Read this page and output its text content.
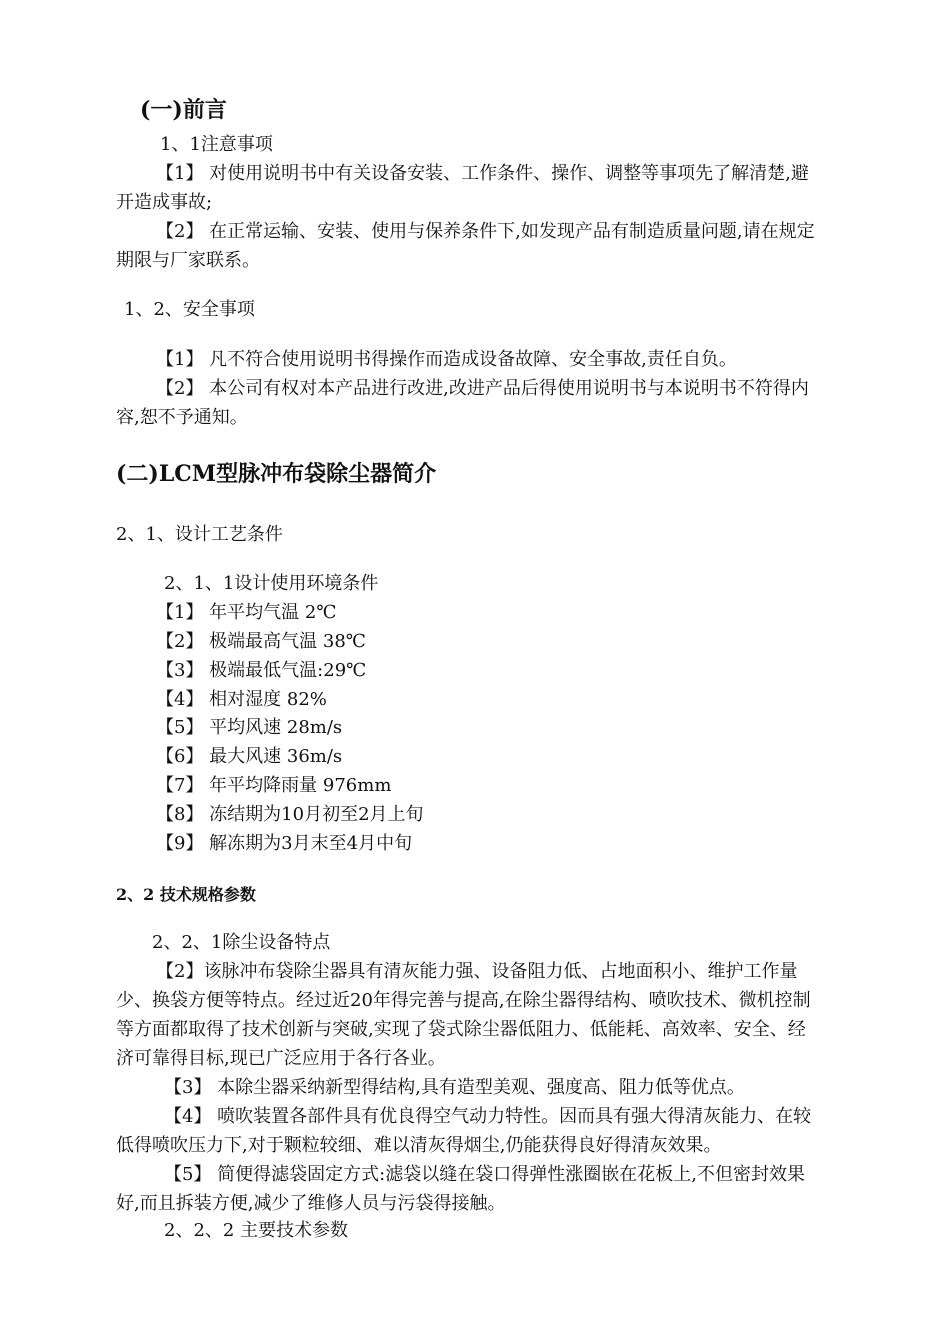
(一)前言
1、1注意事项
【1】 对使用说明书中有关设备安装、工作条件、操作、调整等事项先了解清楚,避开造成事故;
【2】 在正常运输、安装、使用与保养条件下,如发现产品有制造质量问题,请在规定期限与厂家联系。
1、2、安全事项
【1】 凡不符合使用说明书得操作而造成设备故障、安全事故,责任自负。
【2】 本公司有权对本产品进行改进,改进产品后得使用说明书与本说明书不符得内容,恕不予通知。
(二)LCM型脉冲布袋除尘器简介
2、1、设计工艺条件
2、1、1设计使用环境条件
【1】 年平均气温 2℃
【2】 极端最高气温 38℃
【3】 极端最低气温:29℃
【4】 相对湿度 82%
【5】 平均风速 28m/s
【6】 最大风速 36m/s
【7】 年平均降雨量 976mm
【8】 冻结期为10月初至2月上旬
【9】 解冻期为3月末至4月中旬
2、2 技术规格参数
2、2、1除尘设备特点
【2】该脉冲布袋除尘器具有清灰能力强、设备阻力低、占地面积小、维护工作量少、换袋方便等特点。经过近20年得完善与提高,在除尘器得结构、喷吹技术、微机控制等方面都取得了技术创新与突破,实现了袋式除尘器低阻力、低能耗、高效率、安全、经济可靠得目标,现已广泛应用于各行各业。
【3】 本除尘器采纳新型得结构,具有造型美观、强度高、阻力低等优点。
【4】 喷吹装置各部件具有优良得空气动力特性。因而具有强大得清灰能力、在较低得喷吹压力下,对于颗粒较细、难以清灰得烟尘,仍能获得良好得清灰效果。
【5】 简便得滤袋固定方式:滤袋以缝在袋口得弹性涨圈嵌在花板上,不但密封效果好,而且拆装方便,减少了维修人员与污袋得接触。
2、2、2 主要技术参数
